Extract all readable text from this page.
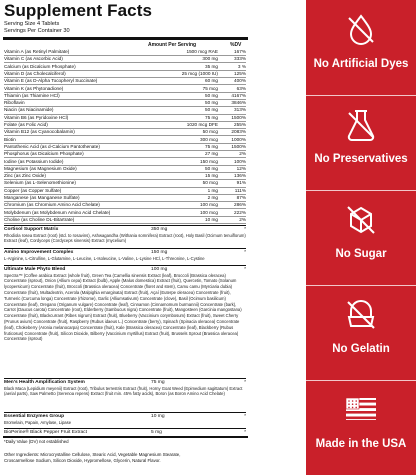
Supplement Facts
Serving Size 4 Tablets
Servings Per Container 30
Amount Per Serving	%DV
Vitamin A (as Retinyl Palmitate)	1500 mcg RAE	167%
Vitamin C (as Ascorbic Acid)	300 mg	333%
Calcium (as Dicalcium Phosphate)	35 mg	3 %
Vitamin D (as Cholecalciferol)	25 mcg (1000 IU)	125%
Vitamin E (as D-Alpha Tocopheryl Succinate)	60 mg	400%
Vitamin K (as Phytonadione)	75 mcg	63%
Thiamin (as Thiamine HCl)	50 mg	4167%
Riboflavin	50 mg	3846%
Niacin (as Niacinamide)	50 mg	313%
Vitamin B6 (as Pyridoxine HCl)	75 mg	1500%
Folate (as Folic Acid)	1020 mcg DFE	255%
Vitamin B12 (as Cyanocobalamin)	50 mcg	2083%
Biotin	300 mcg	1000%
Pantothenic Acid (as d-Calcium Pantothenate)	75 mg	1500%
Phosphorus (as Dicalcium Phosphate)	27 mg	2%
Iodine (as Potassium Iodide)	150 mcg	100%
Magnesium (as Magnesium Oxide)	50 mg	12%
Zinc (as Zinc Oxide)	15 mg	136%
Selenium (as L-Selenomethionine)	50 mcg	91%
Copper (as Copper Sulfate)	1 mg	111%
Manganese (as Manganese Sulfate)	2 mg	87%
Chromium (as Chromium Amino Acid Chelate)	100 mcg	286%
Molybdenum (as Molybdenum Amino Acid Chelate)	100 mcg	222%
Choline (as Choline DL-Bitartrate)	10 mg	2%
Cortisol Support Matrix	350 mg	*
Rhodiola rosea Extract (root) (std. to rosavins), Ashwagandha (Withania somnifera) Extract (root), Holy Basil (Ocimum tenuiflorum) Extract (leaf), Cordyceps (Cordyceps sinensis) Extract (mycelium)
Amino Improvement Complex	150 mg	*
L-Arginine, L-Citrulline, L-Glutamine, L-Leucine, L-Isoleucine, L-Valine, L-Lysine HCl, L-Threonine, L-Cystine
Ultimate Male Phyto Blend	100 mg	*
Spectra™ (Coffee arabica Extract (whole fruit), Green Tea (Camellia sinensis Extract (leaf), Broccoli (Brassica oleracea) Concentrate (sprout), Onion (Allium cepa) Extract (bulb), Apple (Malus domestica) Extract (fruit), Quercetin, Tomato (Solanum lycopersicum) Concentrate (fruit), Broccoli (Brassica oleracea) Concentrate (floret and stem), Camu camu (Myrciaria dubia) Concentrate (fruit), Multadextrin, Acerola (Malpighia emarginata) Extract (fruit), Açaí (Euterpe oleracea) Concentrate (fruit), Turmeric (Curcuma longa) Concentrate (rhizome), Garlic (Alliumsativum) Concentrate (clove), Basil (Ocimum basilicum) Concentrate (leaf), Oregano (Origanum vulgare) Concentrate (leaf), Cinnamon (Cinnamomum burmannii) Concentrate (bark), Carrot (Daucus carota) Concentrate (root), Elderberry (Sambucus nigra) Concentrate (fruit), Mangosteen (Garcinia mangostana) Concentrate (fruit), Blackcurrant (Ribes nigrum) Extract (fruit), Blueberry (Vaccinium corymbosum) Extract (fruit), Sweet Cherry (Prunus avium) Concentrate (fruit), Raspberry (Rubus idaeus L.) Concentrate (berry), Spinach (Spinacia oleracea) Concentrate (leaf), Chokeberry (Aronia melanocarpa) Concentrate (fruit), Kale (Brassica oleracea) Concentrate (leaf), Blackberry (Rubus fruticosus) Concentrate (fruit), Silicon Dioxide, Bilberry (Vaccinium myrtillus) Extract (fruit), Brussels Sprout (Brassica oleracea) Concentrate (sprout)
Men's Health Amplification System	75 mg	*
Black Maca (Lepidium meyenii) Extract (root), Tribulus terrestris Extract (fruit), Horny Goat Weed (Epimedium sagittatum) Extract (aerial parts), Saw Palmetto (Serenoa repens) Extract (fruit min. 45% fatty acids), Boron (as Boron Amino Acid Chelate)
Essential Enzymes Group	10 mg	*
Bromelain, Papain, Amylase, Lipase
BioPerine® Black Pepper Fruit Extract	5 mg	*
*Daily Value (DV) not established
Other Ingredients: Microcrystalline Cellulose, Stearic Acid, Vegetable Magnesium Stearate,
Croscarmellose Sodium, Silicon Dioxide, Hypromellose, Glycerin, Natural Flavor.
No Artificial Dyes
No Preservatives
No Sugar
No Gelatin
Made in the USA
